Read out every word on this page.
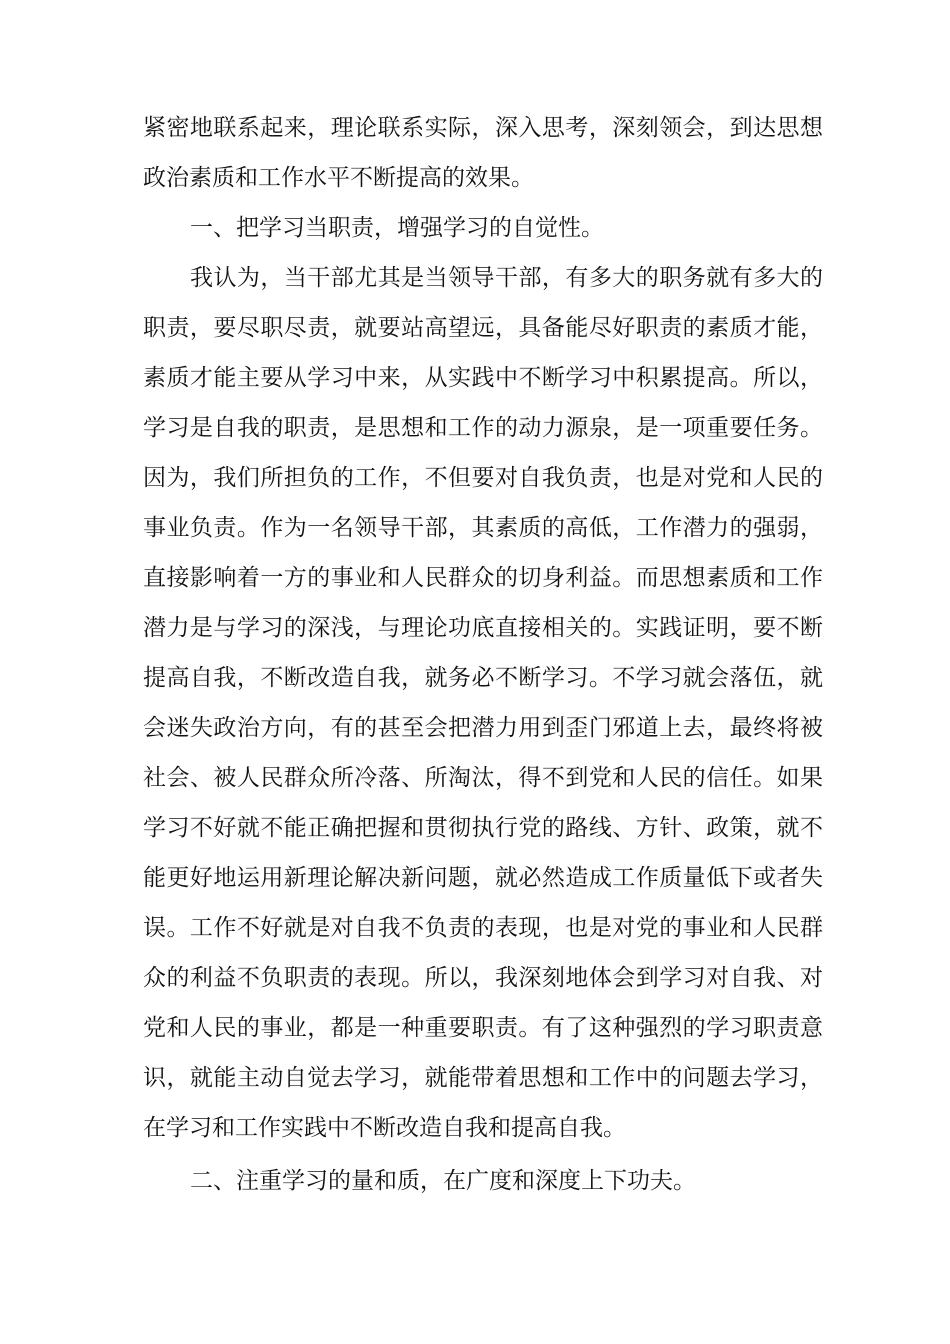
紧密地联系起来，理论联系实际，深入思考，深刻领会，到达思想
政治素质和工作水平不断提高的效果。
一、把学习当职责，增强学习的自觉性。
我认为，当干部尤其是当领导干部，有多大的职务就有多大的
职责，要尽职尽责，就要站高望远，具备能尽好职责的素质才能，
素质才能主要从学习中来，从实践中不断学习中积累提高。所以，
学习是自我的职责，是思想和工作的动力源泉，是一项重要任务。
因为，我们所担负的工作，不但要对自我负责，也是对党和人民的
事业负责。作为一名领导干部，其素质的高低，工作潜力的强弱，
直接影响着一方的事业和人民群众的切身利益。而思想素质和工作
潜力是与学习的深浅，与理论功底直接相关的。实践证明，要不断
提高自我，不断改造自我，就务必不断学习。不学习就会落伍，就
会迷失政治方向，有的甚至会把潜力用到歪门邪道上去，最终将被
社会、被人民群众所冷落、所淘汰，得不到党和人民的信任。如果
学习不好就不能正确把握和贯彻执行党的路线、方针、政策，就不
能更好地运用新理论解决新问题，就必然造成工作质量低下或者失
误。工作不好就是对自我不负责的表现，也是对党的事业和人民群
众的利益不负职责的表现。所以，我深刻地体会到学习对自我、对
党和人民的事业，都是一种重要职责。有了这种强烈的学习职责意
识，就能主动自觉去学习，就能带着思想和工作中的问题去学习，
在学习和工作实践中不断改造自我和提高自我。
二、注重学习的量和质，在广度和深度上下功夫。
